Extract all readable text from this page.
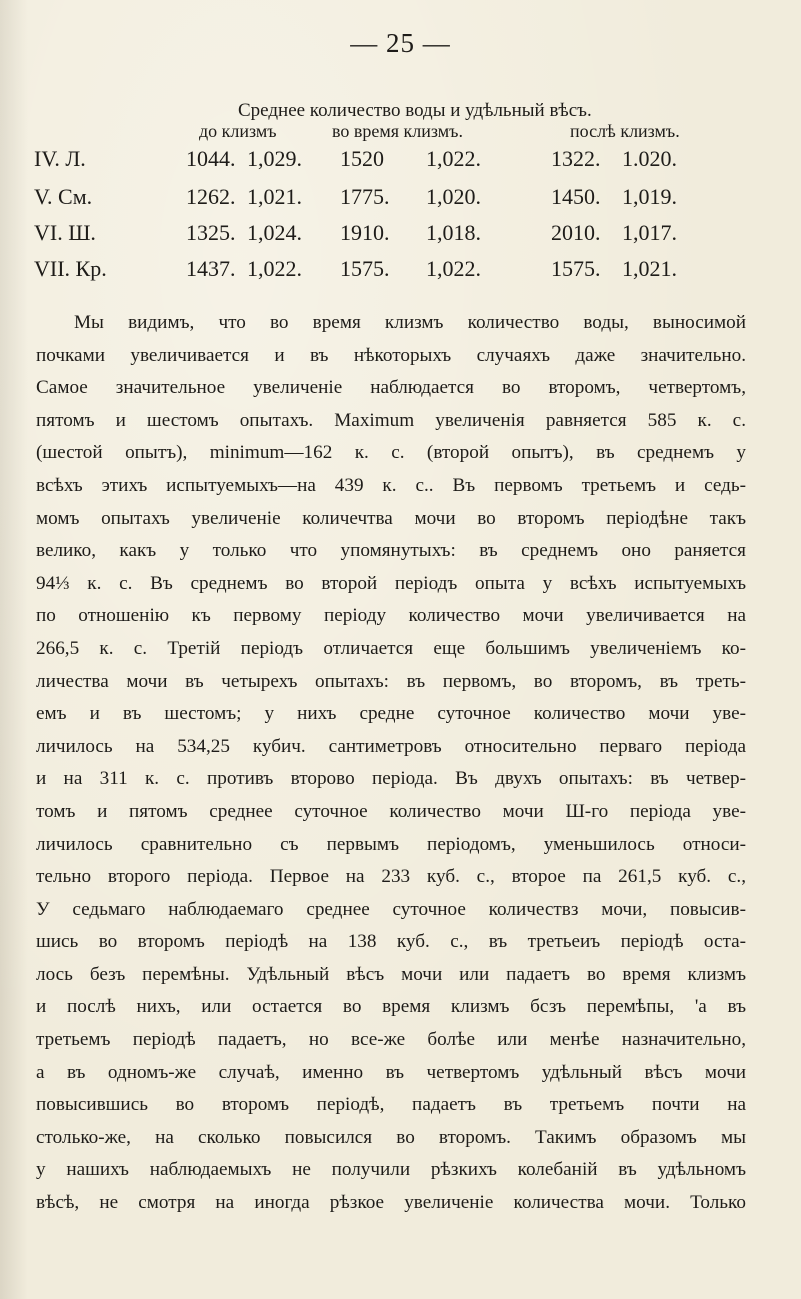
— 25 —
Среднее количество воды и удѣльный вѣсъ.
до клизмъ	во время клизмъ.	послѣ клизмъ.
IV. Л.	1044. 1,029. 1520 1,022.	1322. 1.020.
V. См.	1262. 1,021. 1775. 1,020.	1450. 1,019.
VI. Ш.	1325. 1,024. 1910. 1,018.	2010. 1,017.
VII. Кр.	1437. 1,022. 1575. 1,022.	1575. 1,021.
Мы видимъ, что во время клизмъ количество воды, выносимой
почками увеличивается и въ нѣкоторыхъ случаяхъ даже значительно.
Самое значительное увеличеніе наблюдается во второмъ, четвертомъ,
пятомъ и шестомъ опытахъ. Maximum увеличенія равняется 585 к. с.
(шестой опытъ), minimum—162 к. с. (второй опытъ), въ среднемъ у
всѣхъ этихъ испытуемыхъ—на 439 к. с.. Въ первомъ третьемъ и седь-
момъ опытахъ увеличеніе количечтва мочи во второмъ періодѣне такъ
велико, какъ у только что упомянутыхъ: въ среднемъ оно раняется
94⅓ к. с. Въ среднемъ во второй періодъ опыта у всѣхъ испытуемыхъ
по отношенію къ первому періоду количество мочи увеличивается на
266,5 к. с. Третій періодъ отличается еще большимъ увеличеніемъ ко-
личества мочи въ четырехъ опытахъ: въ первомъ, во второмъ, въ треть-
емъ и въ шестомъ; у нихъ средне суточное количество мочи уве-
личилось на 534,25 кубич. сантиметровъ относительно перваго періода
и на 311 к. с. противъ второво періода. Въ двухъ опытахъ: въ четвер-
томъ и пятомъ среднее суточное количество мочи Ш-го періода уве-
личилось сравнительно съ первымъ періодомъ, уменьшилось относи-
тельно второго періода. Первое на 233 куб. с., второе па 261,5 куб. с.,
У седьмаго наблюдаемаго среднее суточное количествз мочи, повысив-
шись во второмъ періодѣ на 138 куб. с., въ третьеиъ періодѣ оста-
лось безъ перемѣны. Удѣльный вѣсъ мочи или падаетъ во время клизмъ
и послѣ нихъ, или остается во время клизмъ бсзъ перемѣпы, 'а въ
третьемъ періодѣ падаетъ, но все-же болѣе или менѣе назначительно,
а въ одномъ-же случаѣ, именно въ четвертомъ удѣльный вѣсъ мочи
повысившись во второмъ періодѣ, падаетъ въ третьемъ почти на
столько-же, на сколько повысился во второмъ. Такимъ образомъ мы
у нашихъ наблюдаемыхъ не получили рѣзкихъ колебаній въ удѣльномъ
вѣсѣ, не смотря на иногда рѣзкое увеличеніе количества мочи. Только
